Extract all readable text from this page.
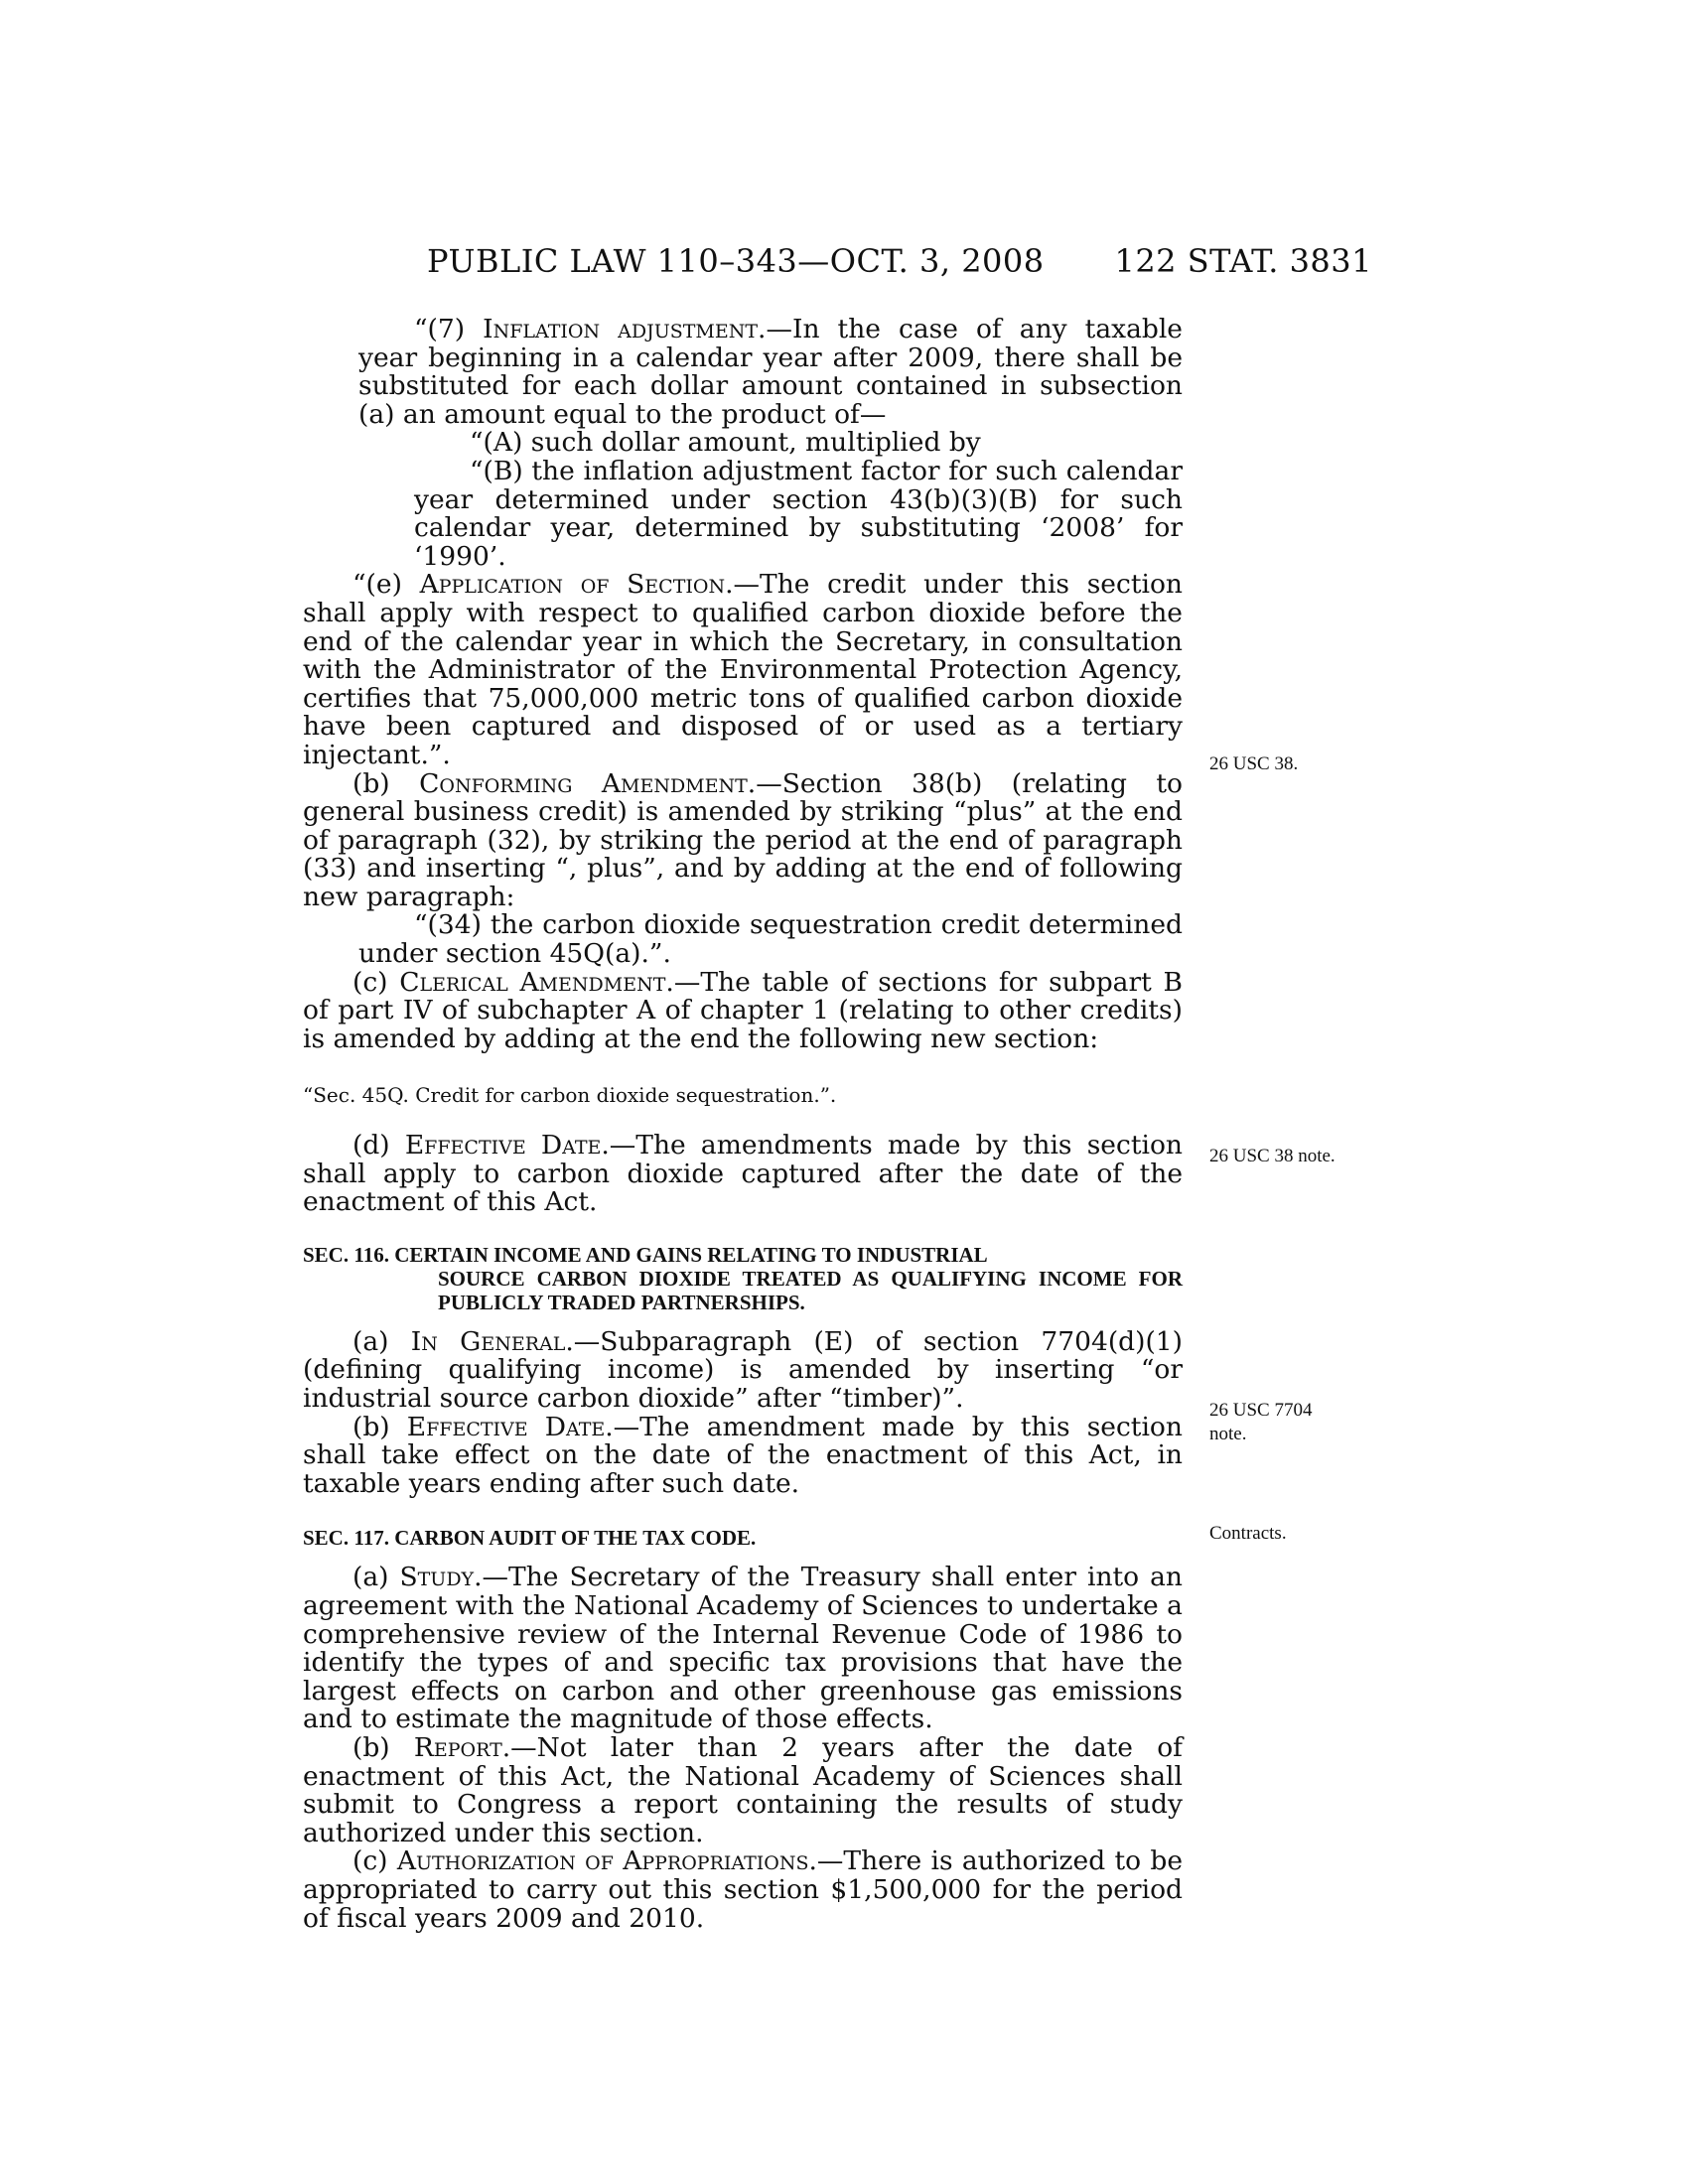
PUBLIC LAW 110–343—OCT. 3, 2008 122 STAT. 3831

“(7) Inflation adjustment.—In the case of any taxable year beginning in a calendar year after 2009, there shall be substituted for each dollar amount contained in subsection (a) an amount equal to the product of—

“(A) such dollar amount, multiplied by

“(B) the inflation adjustment factor for such calendar year determined under section 43(b)(3)(B) for such calendar year, determined by substituting ‘2008’ for ‘1990’.

“(e) Application of Section.—The credit under this section shall apply with respect to qualified carbon dioxide before the end of the calendar year in which the Secretary, in consultation with the Administrator of the Environmental Protection Agency, certifies that 75,000,000 metric tons of qualified carbon dioxide have been captured and disposed of or used as a tertiary injectant.”.

(b) Conforming Amendment.—Section 38(b) (relating to general business credit) is amended by striking “plus” at the end of paragraph (32), by striking the period at the end of paragraph (33) and inserting “, plus”, and by adding at the end of following new paragraph:

“(34) the carbon dioxide sequestration credit determined under section 45Q(a).”.

(c) Clerical Amendment.—The table of sections for subpart B of part IV of subchapter A of chapter 1 (relating to other credits) is amended by adding at the end the following new section:

“Sec. 45Q. Credit for carbon dioxide sequestration.”.

(d) Effective Date.—The amendments made by this section shall apply to carbon dioxide captured after the date of the enactment of this Act.

SEC. 116. CERTAIN INCOME AND GAINS RELATING TO INDUSTRIAL
SOURCE CARBON DIOXIDE TREATED AS QUALIFYING INCOME FOR PUBLICLY TRADED PARTNERSHIPS.

(a) In General.—Subparagraph (E) of section 7704(d)(1) (defining qualifying income) is amended by inserting “or industrial source carbon dioxide” after “timber)”.

(b) Effective Date.—The amendment made by this section shall take effect on the date of the enactment of this Act, in taxable years ending after such date.

SEC. 117. CARBON AUDIT OF THE TAX CODE.

(a) Study.—The Secretary of the Treasury shall enter into an agreement with the National Academy of Sciences to undertake a comprehensive review of the Internal Revenue Code of 1986 to identify the types of and specific tax provisions that have the largest effects on carbon and other greenhouse gas emissions and to estimate the magnitude of those effects.

(b) Report.—Not later than 2 years after the date of enactment of this Act, the National Academy of Sciences shall submit to Congress a report containing the results of study authorized under this section.

(c) Authorization of Appropriations.—There is authorized to be appropriated to carry out this section $1,500,000 for the period of fiscal years 2009 and 2010.

26 USC 38.
26 USC 38 note.
26 USC 7704
note.
Contracts.
